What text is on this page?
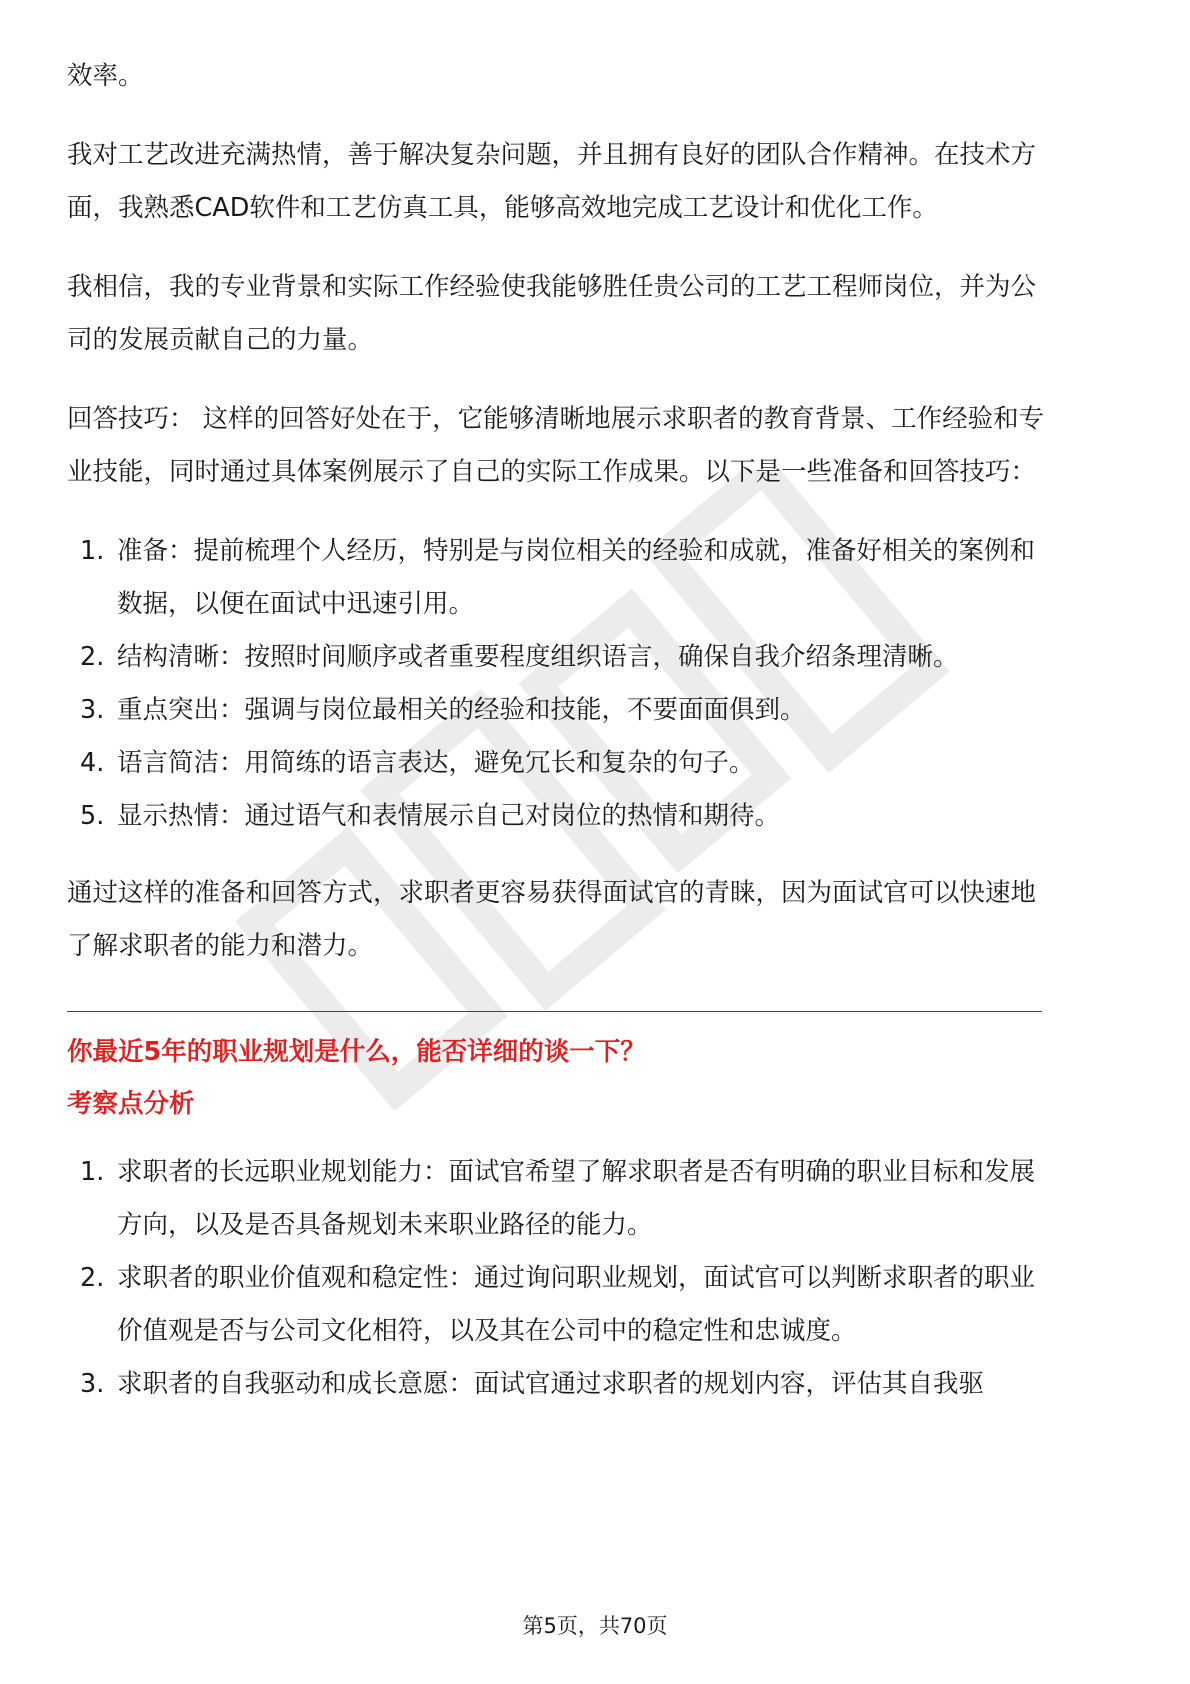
效率。

我对工艺改进充满热情，善于解决复杂问题，并且拥有良好的团队合作精神。在技术方面，我熟悉CAD软件和工艺仿真工具，能够高效地完成工艺设计和优化工作。

我相信，我的专业背景和实际工作经验使我能够胜任贵公司的工艺工程师岗位，并为公司的发展贡献自己的力量。

回答技巧： 这样的回答好处在于，它能够清晰地展示求职者的教育背景、工作经验和专业技能，同时通过具体案例展示了自己的实际工作成果。以下是一些准备和回答技巧：

1. 准备：提前梳理个人经历，特别是与岗位相关的经验和成就，准备好相关的案例和数据，以便在面试中迅速引用。
2. 结构清晰：按照时间顺序或者重要程度组织语言，确保自我介绍条理清晰。
3. 重点突出：强调与岗位最相关的经验和技能，不要面面俱到。
4. 语言简洁：用简练的语言表达，避免冗长和复杂的句子。
5. 显示热情：通过语气和表情展示自己对岗位的热情和期待。

通过这样的准备和回答方式，求职者更容易获得面试官的青睐，因为面试官可以快速地了解求职者的能力和潜力。

你最近5年的职业规划是什么，能否详细的谈一下？
考察点分析
1. 求职者的长远职业规划能力：面试官希望了解求职者是否有明确的职业目标和发展方向，以及是否具备规划未来职业路径的能力。
2. 求职者的职业价值观和稳定性：通过询问职业规划，面试官可以判断求职者的职业价值观是否与公司文化相符，以及其在公司中的稳定性和忠诚度。
3. 求职者的自我驱动和成长意愿：面试官通过求职者的规划内容，评估其自我驱
第5页，共70页
